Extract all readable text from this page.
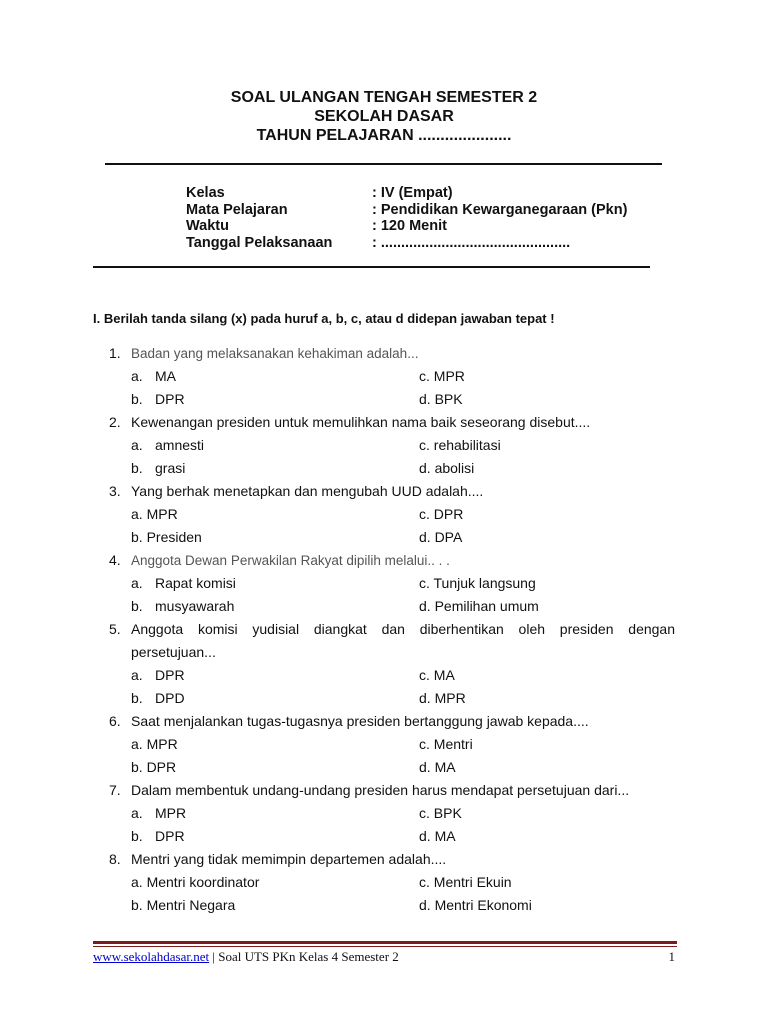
SOAL ULANGAN TENGAH SEMESTER 2
SEKOLAH DASAR
TAHUN PELAJARAN .....................
Kelas	: IV (Empat)
Mata Pelajaran	: Pendidikan Kewarganegaraan (Pkn)
Waktu	: 120 Menit
Tanggal Pelaksanaan	: ...............................................
I. Berilah tanda silang (x) pada huruf a, b, c, atau d didepan jawaban tepat !
1. Badan yang melaksanakan kehakiman adalah...
a. MA	c. MPR
b. DPR	d. BPK
2. Kewenangan presiden untuk memulihkan nama baik seseorang disebut....
a. amnesti	c. rehabilitasi
b. grasi	d. abolisi
3. Yang berhak menetapkan dan mengubah UUD adalah....
a. MPR	c. DPR
b. Presiden	d. DPA
4. Anggota Dewan Perwakilan Rakyat dipilih melalui.. . .
a. Rapat komisi	c. Tunjuk langsung
b. musyawarah	d. Pemilihan umum
5. Anggota komisi yudisial diangkat dan diberhentikan oleh presiden dengan
persetujuan...
a. DPR	c. MA
b. DPD	d. MPR
6. Saat menjalankan tugas-tugasnya presiden bertanggung jawab kepada....
a. MPR	c. Mentri
b. DPR	d. MA
7. Dalam membentuk undang-undang presiden harus mendapat persetujuan dari...
a. MPR	c. BPK
b. DPR	d. MA
8. Mentri yang tidak memimpin departemen adalah....
a. Mentri koordinator	c. Mentri Ekuin
b. Mentri Negara	d. Mentri Ekonomi
www.sekolahdasar.net | Soal UTS PKn Kelas 4 Semester 2	1
